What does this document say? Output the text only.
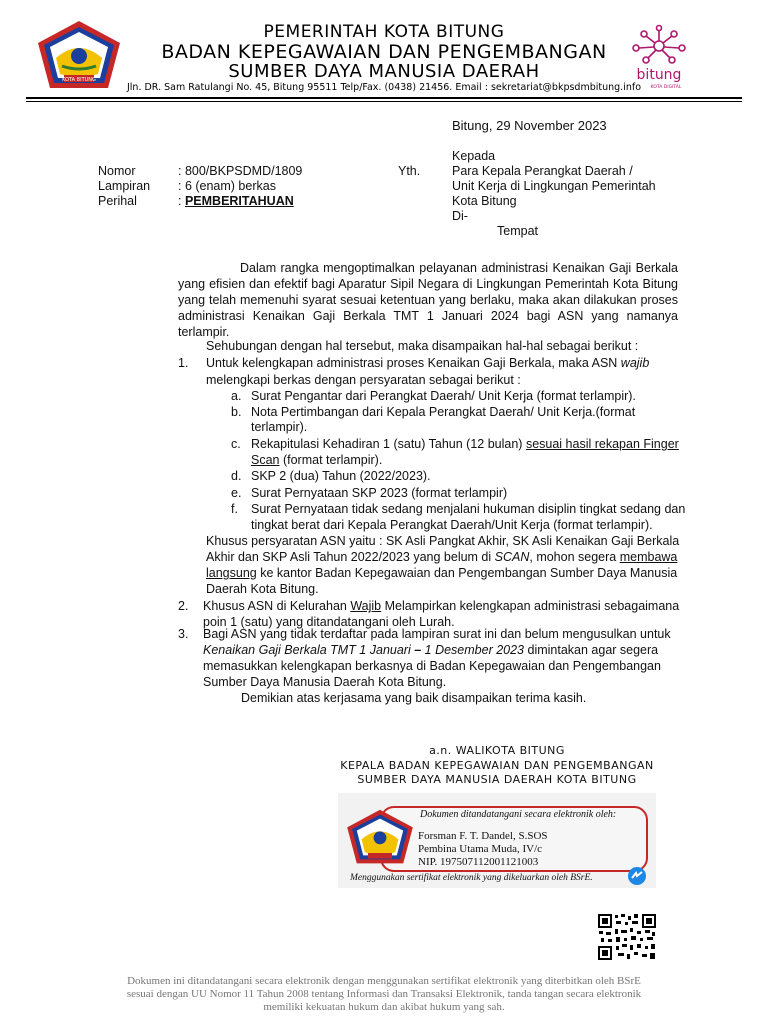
KOTA BITUNG	bitung
KOTA DIGITAL
PEMERINTAH KOTA BITUNG
BADAN KEPEGAWAIAN DAN PENGEMBANGAN
SUMBER DAYA MANUSIA DAERAH
Jln. DR. Sam Ratulangi No. 45, Bitung 95511 Telp/Fax. (0438) 21456. Email : sekretariat@bkpsdmbitung.info
Bitung, 29 November 2023
Nomor	: 800/BKPSDMD/1809
Lampiran : 6 (enam) berkas
Perihal	: PEMBERITAHUAN
Kepada
Yth.	Para Kepala Perangkat Daerah /
Unit Kerja di Lingkungan Pemerintah
Kota Bitung
Di-
Tempat
Dalam rangka mengoptimalkan pelayanan administrasi Kenaikan Gaji Berkala yang efisien dan efektif bagi Aparatur Sipil Negara di Lingkungan Pemerintah Kota Bitung yang telah memenuhi syarat sesuai ketentuan yang berlaku, maka akan dilakukan proses administrasi Kenaikan Gaji Berkala TMT 1 Januari 2024 bagi ASN yang namanya terlampir.
Sehubungan dengan hal tersebut, maka disampaikan hal-hal sebagai berikut :
1. Untuk kelengkapan administrasi proses Kenaikan Gaji Berkala, maka ASN wajib
melengkapi berkas dengan persyaratan sebagai berikut :
a. Surat Pengantar dari Perangkat Daerah/ Unit Kerja (format terlampir).
b. Nota Pertimbangan dari Kepala Perangkat Daerah/ Unit Kerja.(format
terlampir).
c. Rekapitulasi Kehadiran 1 (satu) Tahun (12 bulan) sesuai hasil rekapan Finger
Scan (format terlampir).
d. SKP 2 (dua) Tahun (2022/2023).
e. Surat Pernyataan SKP 2023 (format terlampir)
f. Surat Pernyataan tidak sedang menjalani hukuman disiplin tingkat sedang dan
tingkat berat dari Kepala Perangkat Daerah/Unit Kerja (format terlampir).
Khusus persyaratan ASN yaitu : SK Asli Pangkat Akhir, SK Asli Kenaikan Gaji Berkala
Akhir dan SKP Asli Tahun 2022/2023 yang belum di SCAN, mohon segera membawa
langsung ke kantor Badan Kepegawaian dan Pengembangan Sumber Daya Manusia
Daerah Kota Bitung.
2. Khusus ASN di Kelurahan Wajib Melampirkan kelengkapan administrasi sebagaimana
poin 1 (satu) yang ditandatangani oleh Lurah.
3. Bagi ASN yang tidak terdaftar pada lampiran surat ini dan belum mengusulkan untuk
Kenaikan Gaji Berkala TMT 1 Januari – 1 Desember 2023 dimintakan agar segera
memasukkan kelengkapan berkasnya di Badan Kepegawaian dan Pengembangan
Sumber Daya Manusia Daerah Kota Bitung.
Demikian atas kerjasama yang baik disampaikan terima kasih.
a.n. WALIKOTA BITUNG
KEPALA BADAN KEPEGAWAIAN DAN PENGEMBANGAN
SUMBER DAYA MANUSIA DAERAH KOTA BITUNG
Dokumen ditandatangani secara elektronik oleh:
Forsman F. T. Dandel, S.SOS
Pembina Utama Muda, IV/c
NIP. 197507112001121003
Menggunakan sertifikat elektronik yang dikeluarkan oleh BSrE.
Dokumen ini ditandatangani secara elektronik dengan menggunakan sertifikat elektronik yang diterbitkan oleh BSrE
sesuai dengan UU Nomor 11 Tahun 2008 tentang Informasi dan Transaksi Elektronik, tanda tangan secara elektronik
memiliki kekuatan hukum dan akibat hukum yang sah.
